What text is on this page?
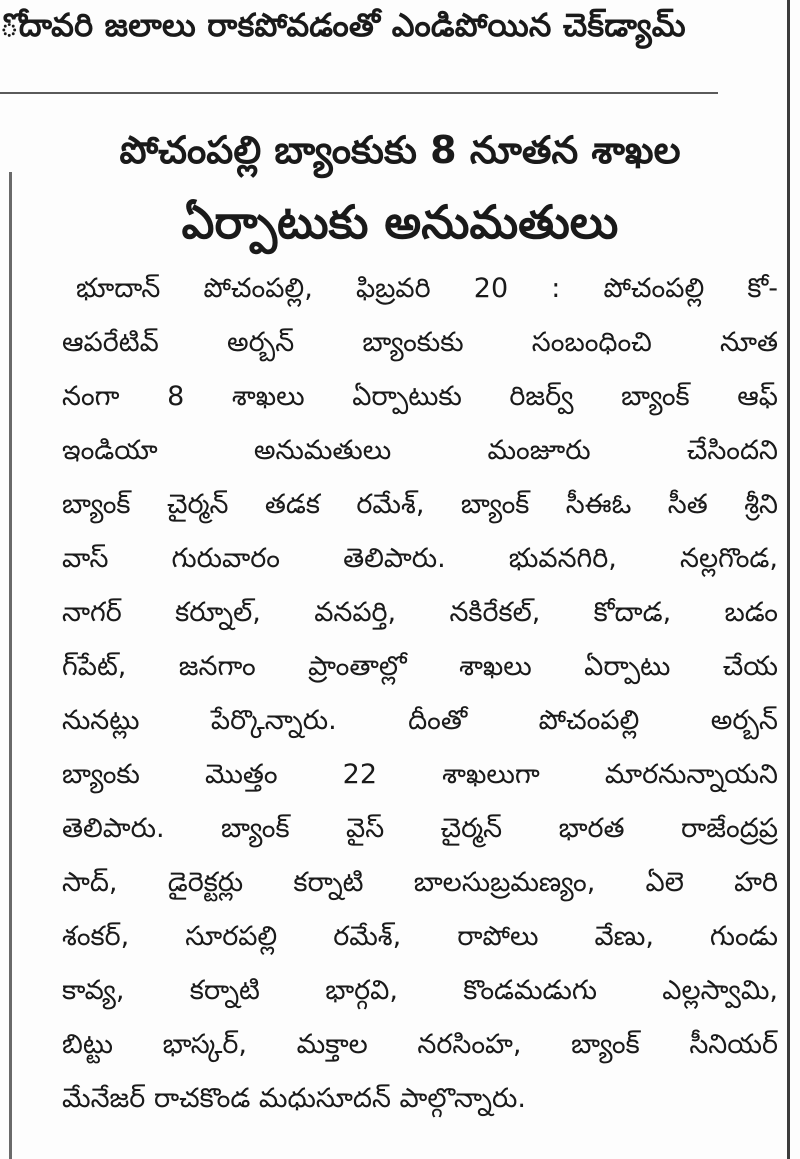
ోదావరి జలాలు రాకపోవడంతో ఎండిపోయిన చెక్‌డ్యామ్
పోచంపల్లి బ్యాంకుకు 8 నూతన శాఖల
ఏర్పాటుకు అనుమతులు
భూదాన్‌ పోచంపల్లి, ఫిబ్రవరి 20 : పోచంపల్లి కో-
ఆపరేటివ్‌ అర్బన్‌ బ్యాంకుకు సంబంధించి నూత
నంగా 8 శాఖలు ఏర్పాటుకు రిజర్వ్‌ బ్యాంక్‌ ఆఫ్‌
ఇండియా అనుమతులు మంజూరు చేసిందని
బ్యాంక్‌ చైర్మన్‌ తడక రమేశ్‌, బ్యాంక్‌ సీఈఓ సీత శ్రీని
వాస్‌ గురువారం తెలిపారు. భువనగిరి, నల్లగొండ,
నాగర్‌ కర్నూల్‌, వనపర్తి, నకిరేకల్‌, కోదాడ, బడం
గ్‌పేట్‌, జనగాం ప్రాంతాల్లో శాఖలు ఏర్పాటు చేయ
నునట్లు పేర్కొన్నారు. దీంతో పోచంపల్లి అర్బన్‌
బ్యాంకు మొత్తం 22 శాఖలుగా మారనున్నాయని
తెలిపారు. బ్యాంక్‌ వైస్‌ చైర్మన్‌ భారత రాజేంద్రప్ర
సాద్‌, డైరెక్టర్లు కర్నాటి బాలసుబ్రమణ్యం, ఏలె హరి
శంకర్‌, సూరపల్లి రమేశ్‌, రాపోలు వేణు, గుండు
కావ్య, కర్నాటి భార్గవి, కొండమడుగు ఎల్లస్వామి,
బిట్టు భాస్కర్‌, మక్తాల నరసింహ, బ్యాంక్‌ సీనియర్‌
మేనేజర్‌ రాచకొండ మధుసూదన్‌ పాల్గొన్నారు.
